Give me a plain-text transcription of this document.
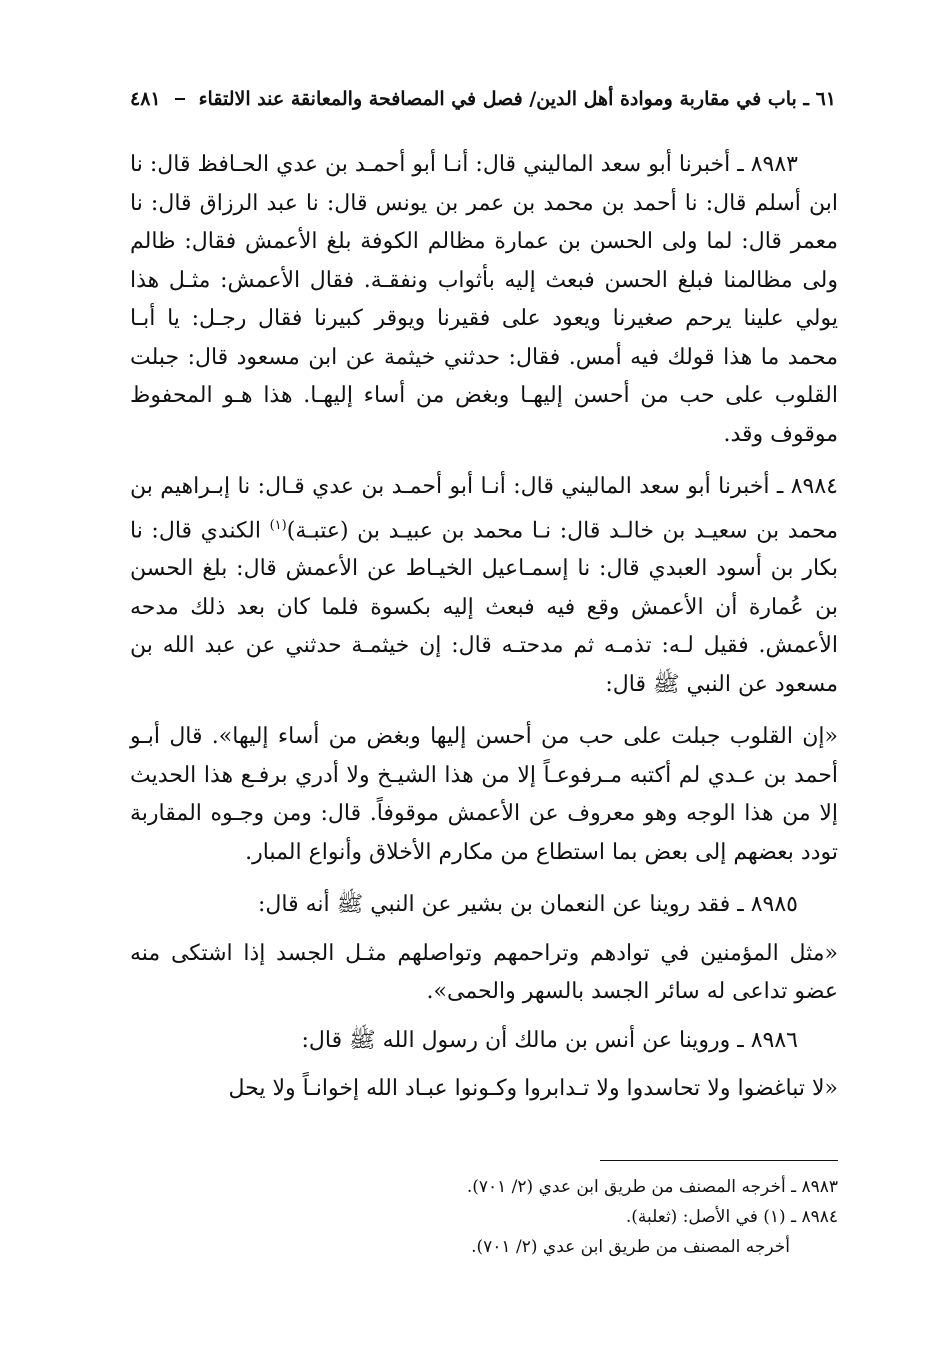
٦١ ـ باب في مقاربة وموادة أهل الدين/ فصل في المصافحة والمعانقة عند الالتقاء
٤٨١

٨٩٨٣ ـ أخبرنا أبو سعد الماليني قال: أنـا أبو أحمـد بن عدي الحـافظ قال: نا ابن أسلم قال: نا أحمد بن محمد بن عمر بن يونس قال: نا عبد الرزاق قال: نا معمر قال: لما ولى الحسن بن عمارة مظالم الكوفة بلغ الأعمش فقال: ظالم ولى مظالمنا فبلغ الحسن فبعث إليه بأثواب ونفقـة. فقال الأعمش: مثـل هذا يولي علينا يرحم صغيرنا ويعود على فقيرنا ويوقر كبيرنا فقال رجـل: يا أبـا محمد ما هذا قولك فيه أمس. فقال: حدثني خيثمة عن ابن مسعود قال: جبلت القلوب على حب من أحسن إليهـا وبغض من أساء إليهـا. هذا هـو المحفوظ موقوف وقد.

٨٩٨٤ ـ أخبرنا أبو سعد الماليني قال: أنـا أبو أحمـد بن عدي قـال: نا إبـراهيم بن محمد بن سعيـد بن خالـد قال: نـا محمد بن عبيـد بن (عتبـة)$^{(١)}$ الكندي قال: نا بكار بن أسود العبدي قال: نا إسمـاعيل الخيـاط عن الأعمش قال: بلغ الحسن بن عُمارة أن الأعمش وقع فيه فبعث إليه بكسوة فلما كان بعد ذلك مدحه الأعمش. فقيل لـه: تذمـه ثم مدحتـه قال: إن خيثمـة حدثني عن عبد الله بن مسعود عن النبي ﷺ قال:

«إن القلوب جبلت على حب من أحسن إليها وبغض من أساء إليها». قال أبـو أحمد بن عـدي لم أكتبه مـرفوعـاً إلا من هذا الشيـخ ولا أدري برفـع هذا الحديث إلا من هذا الوجه وهو معروف عن الأعمش موقوفاً. قال: ومن وجـوه المقاربة تودد بعضهم إلى بعض بما استطاع من مكارم الأخلاق وأنواع المبار.

٨٩٨٥ ـ فقد روينا عن النعمان بن بشير عن النبي ﷺ أنه قال:

«مثل المؤمنين في توادهم وتراحمهم وتواصلهم مثـل الجسد إذا اشتكى منه عضو تداعى له سائر الجسد بالسهر والحمى».

٨٩٨٦ ـ وروينا عن أنس بن مالك أن رسول الله ﷺ قال:

«لا تباغضوا ولا تحاسدوا ولا تـدابروا وكـونوا عبـاد الله إخوانـاً ولا يحل

٨٩٨٣ ـ أخرجه المصنف من طريق ابن عدي (٢/ ٧٠١).

٨٩٨٤ ـ (١) في الأصل: (ثعلبة).

أخرجه المصنف من طريق ابن عدي (٢/ ٧٠١).
